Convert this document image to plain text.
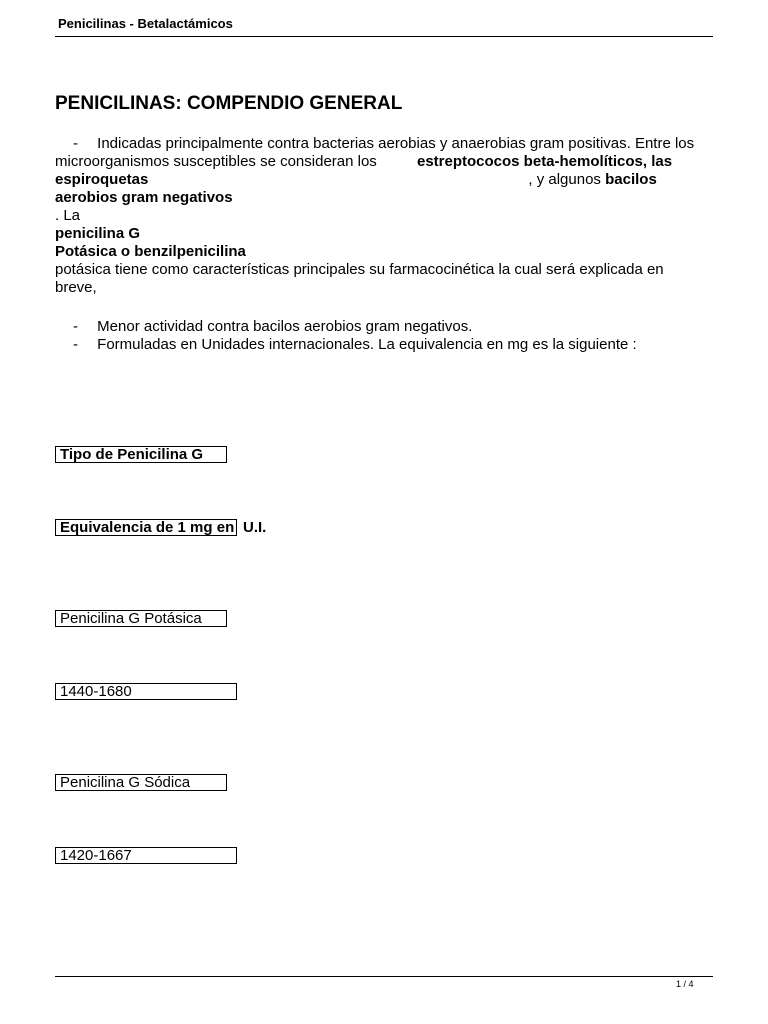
Penicilinas - Betalactámicos
PENICILINAS: COMPENDIO GENERAL
- Indicadas principalmente contra bacterias aerobias y anaerobias gram positivas. Entre los
microorganismos susceptibles se consideran los	estreptococos beta-hemolíticos, las
espiroquetas	, y algunos bacilos
aerobios gram negativos
. La
penicilina G
Potásica o benzilpenicilina
potásica tiene como características principales su farmacocinética la cual será explicada en
breve,
- Menor actividad contra bacilos aerobios gram negativos.
- Formuladas en Unidades internacionales. La equivalencia en mg es la siguiente :
Tipo de Penicilina G
Equivalencia de 1 mg en U.I.
Penicilina G Potásica
1440-1680
Penicilina G Sódica
1420-1667
1 / 4
